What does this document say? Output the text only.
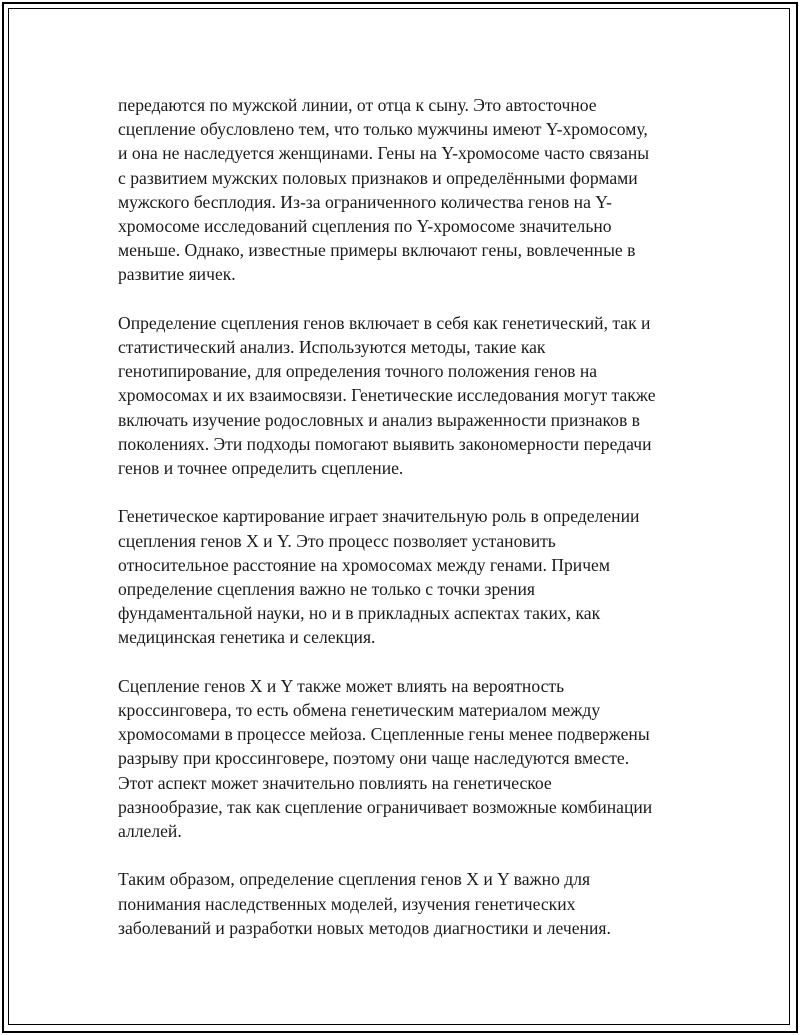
передаются по мужской линии, от отца к сыну. Это автосточное
сцепление обусловлено тем, что только мужчины имеют Y-хромосому,
и она не наследуется женщинами. Гены на Y-хромосоме часто связаны
с развитием мужских половых признаков и определёнными формами
мужского бесплодия. Из-за ограниченного количества генов на Y-
хромосоме исследований сцепления по Y-хромосоме значительно
меньше. Однако, известные примеры включают гены, вовлеченные в
развитие яичек.

Определение сцепления генов включает в себя как генетический, так и
статистический анализ. Используются методы, такие как
генотипирование, для определения точного положения генов на
хромосомах и их взаимосвязи. Генетические исследования могут также
включать изучение родословных и анализ выраженности признаков в
поколениях. Эти подходы помогают выявить закономерности передачи
генов и точнее определить сцепление.

Генетическое картирование играет значительную роль в определении
сцепления генов X и Y. Это процесс позволяет установить
относительное расстояние на хромосомах между генами. Причем
определение сцепления важно не только с точки зрения
фундаментальной науки, но и в прикладных аспектах таких, как
медицинская генетика и селекция.

Сцепление генов X и Y также может влиять на вероятность
кроссинговера, то есть обмена генетическим материалом между
хромосомами в процессе мейоза. Сцепленные гены менее подвержены
разрыву при кроссинговере, поэтому они чаще наследуются вместе.
Этот аспект может значительно повлиять на генетическое
разнообразие, так как сцепление ограничивает возможные комбинации
аллелей.

Таким образом, определение сцепления генов X и Y важно для
понимания наследственных моделей, изучения генетических
заболеваний и разработки новых методов диагностики и лечения.
